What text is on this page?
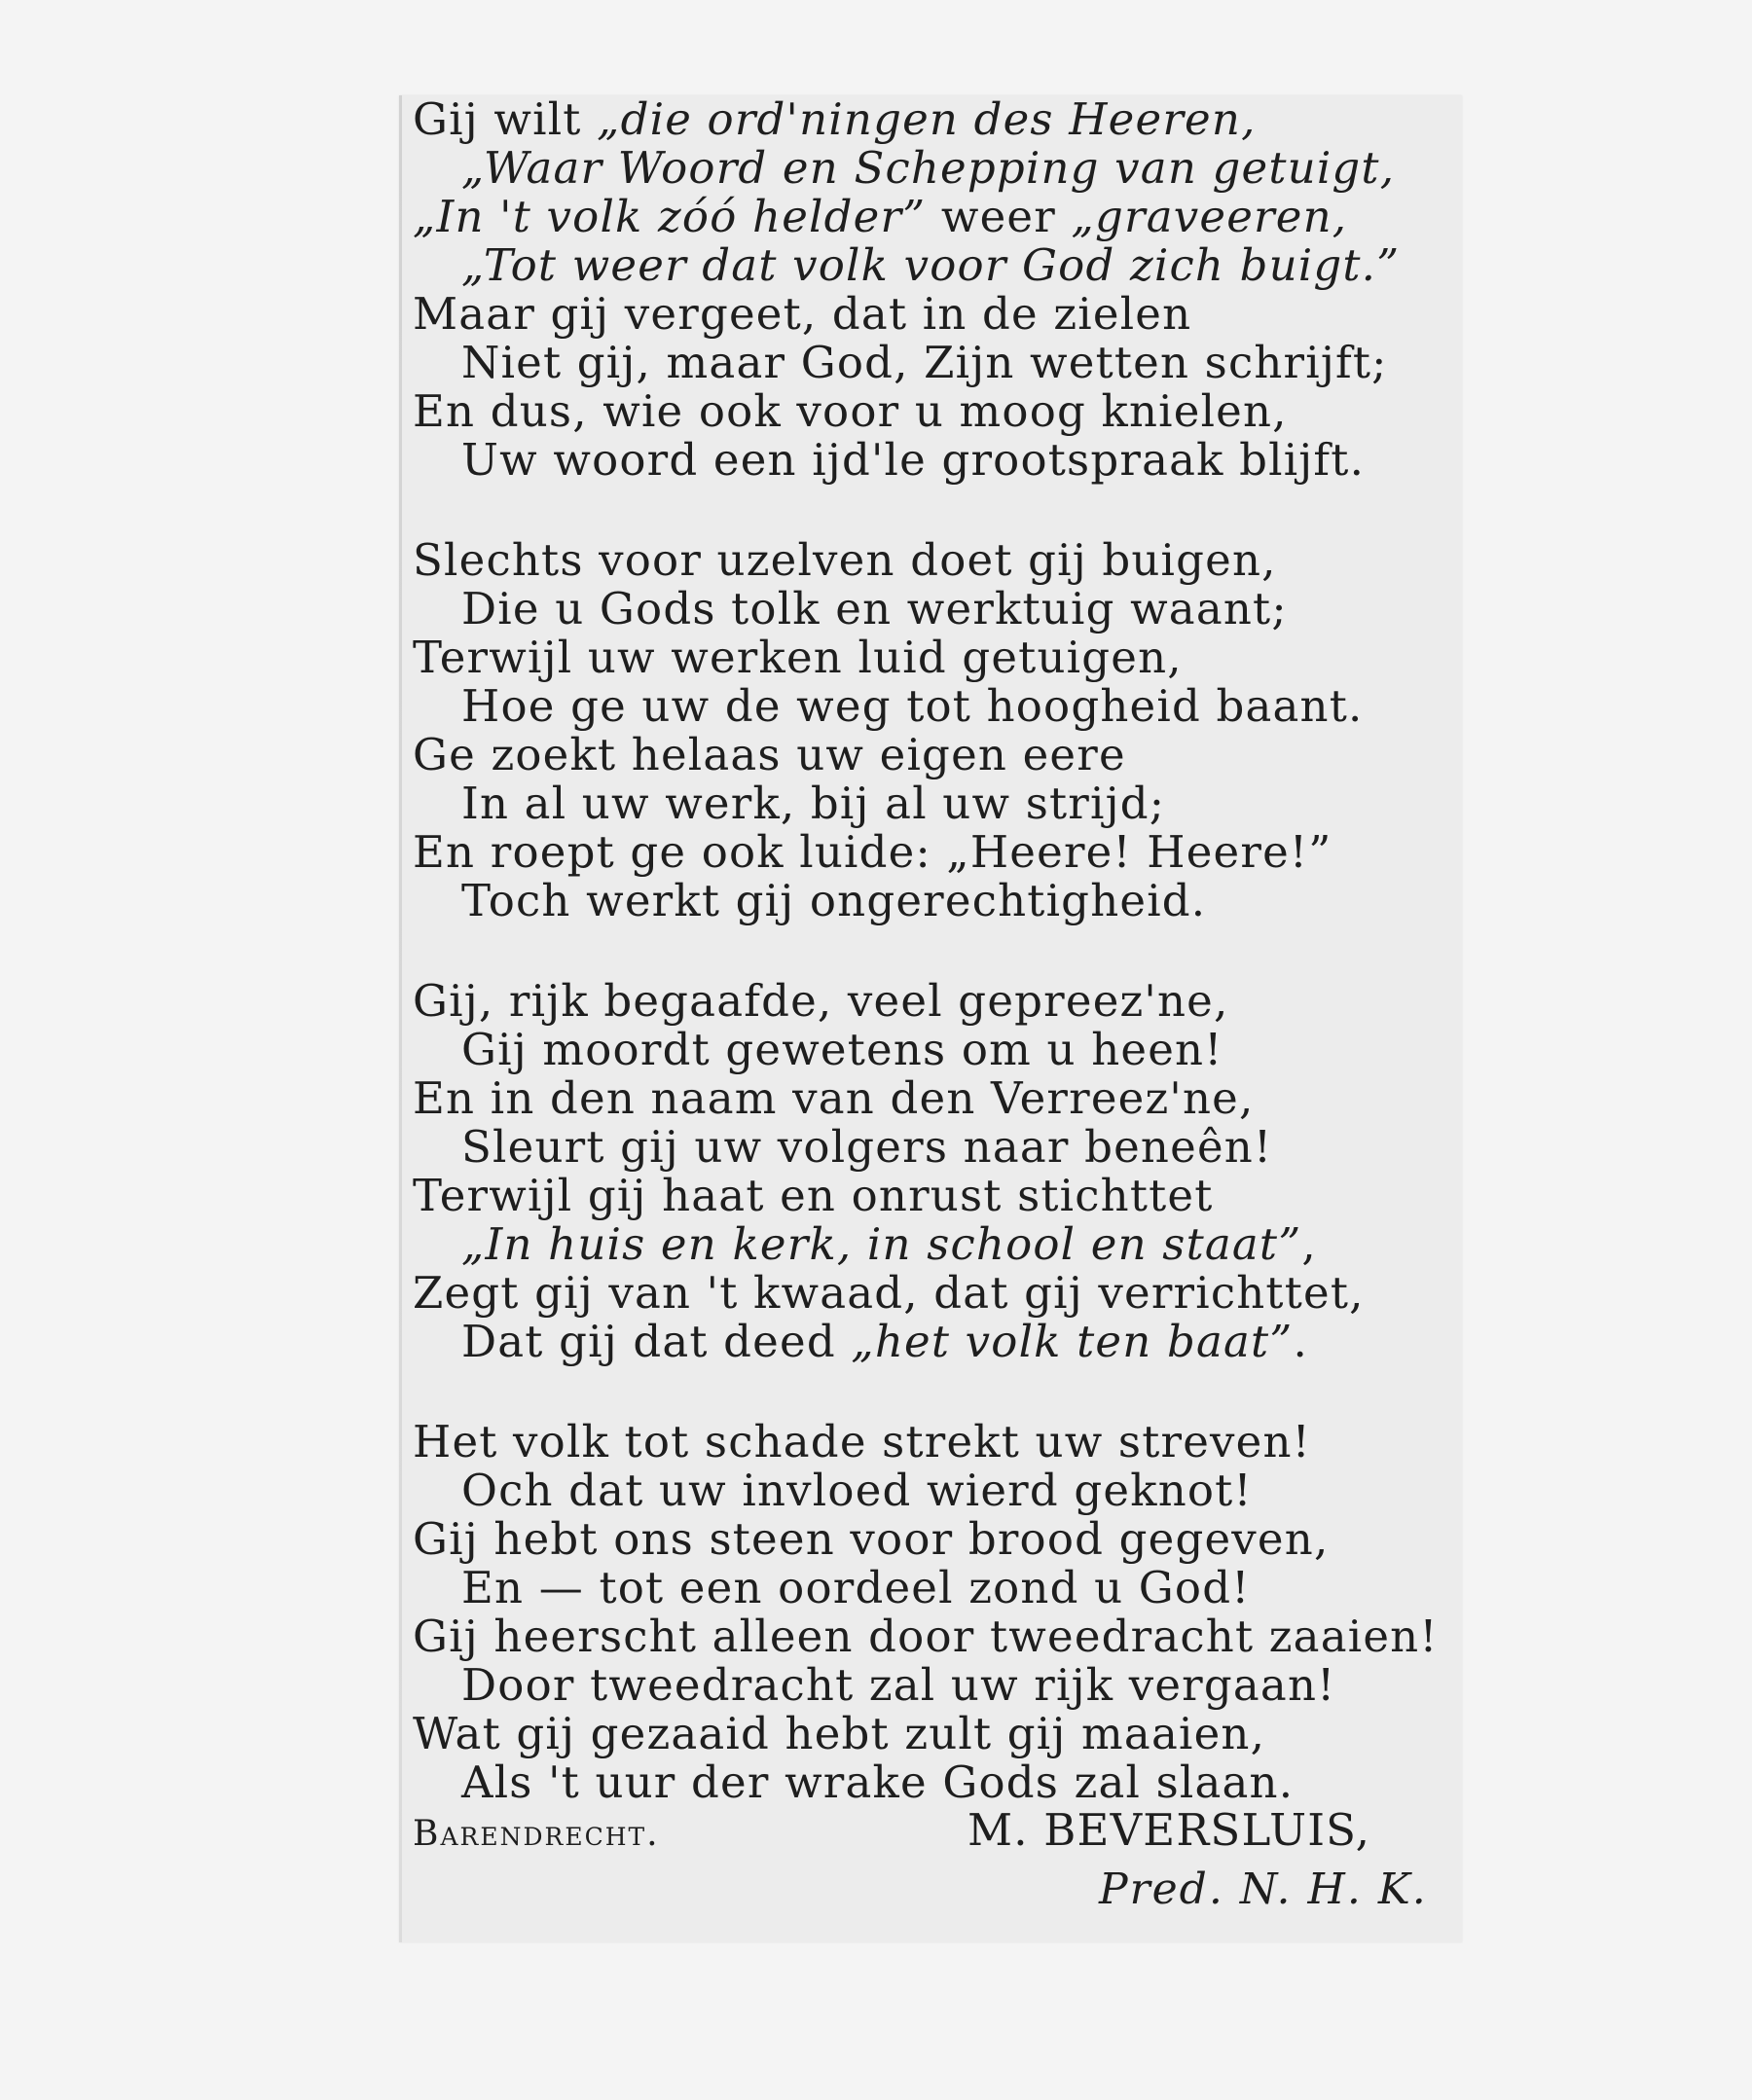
Gij wilt „die ord'ningen des Heeren,
„Waar Woord en Schepping van getuigt,
„In 't volk zóó helder” weer „graveeren,
„Tot weer dat volk voor God zich buigt.”
Maar gij vergeet, dat in de zielen
Niet gij, maar God, Zijn wetten schrijft;
En dus, wie ook voor u moog knielen,
Uw woord een ijd'le grootspraak blijft.
Slechts voor uzelven doet gij buigen,
Die u Gods tolk en werktuig waant;
Terwijl uw werken luid getuigen,
Hoe ge uw de weg tot hoogheid baant.
Ge zoekt helaas uw eigen eere
In al uw werk, bij al uw strijd;
En roept ge ook luide: „Heere! Heere!”
Toch werkt gij ongerechtigheid.
Gij, rijk begaafde, veel gepreez'ne,
Gij moordt gewetens om u heen!
En in den naam van den Verreez'ne,
Sleurt gij uw volgers naar beneên!
Terwijl gij haat en onrust stichttet
„In huis en kerk, in school en staat”,
Zegt gij van 't kwaad, dat gij verrichttet,
Dat gij dat deed „het volk ten baat”.
Het volk tot schade strekt uw streven!
Och dat uw invloed wierd geknot!
Gij hebt ons steen voor brood gegeven,
En — tot een oordeel zond u God!
Gij heerscht alleen door tweedracht zaaien!
Door tweedracht zal uw rijk vergaan!
Wat gij gezaaid hebt zult gij maaien,
Als 't uur der wrake Gods zal slaan.
Barendrecht.	M. BEVERSLUIS,
Pred. N. H. K.
